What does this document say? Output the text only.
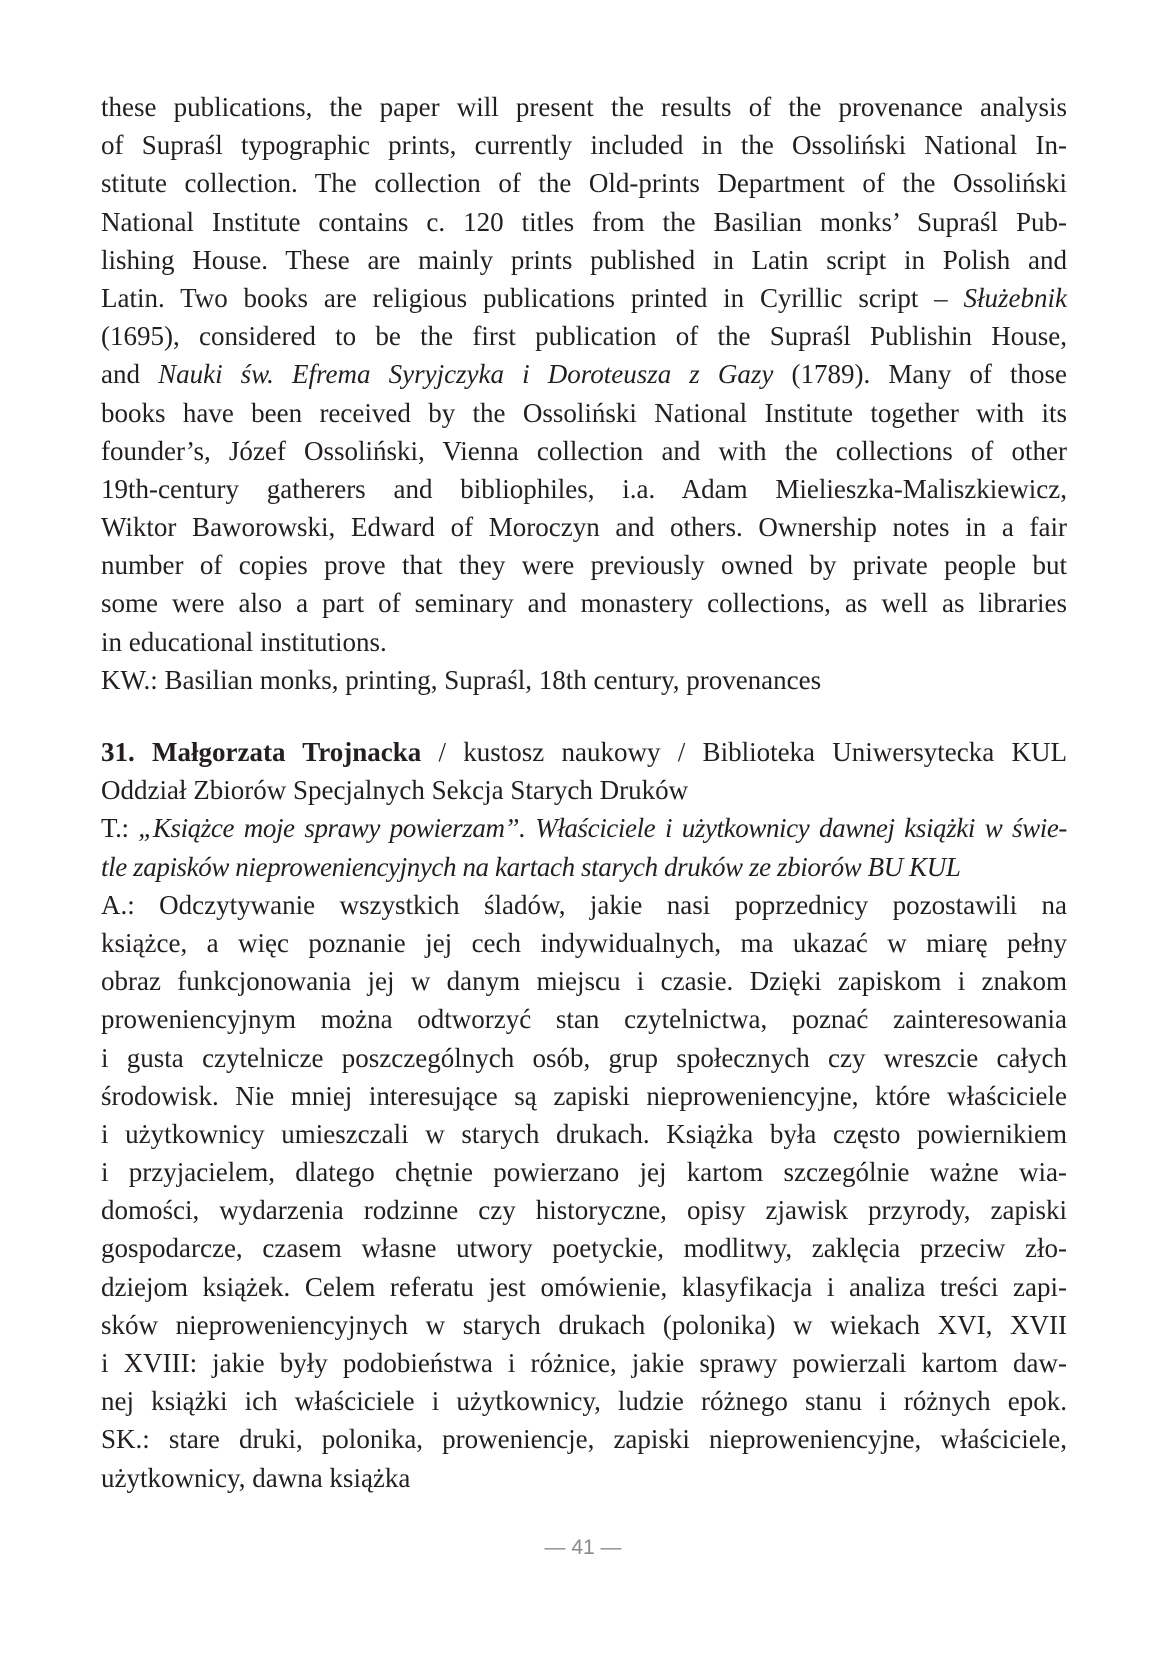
these publications, the paper will present the results of the provenance analysis
of Supraśl typographic prints, currently included in the Ossoliński National In-
stitute collection. The collection of the Old-prints Department of the Ossoliński
National Institute contains c. 120 titles from the Basilian monks’ Supraśl Pub-
lishing House. These are mainly prints published in Latin script in Polish and
Latin. Two books are religious publications printed in Cyrillic script – Służebnik
(1695), considered to be the first publication of the Supraśl Publishin House,
and Nauki św. Efrema Syryjczyka i Doroteusza z Gazy (1789). Many of those
books have been received by the Ossoliński National Institute together with its
founder’s, Józef Ossoliński, Vienna collection and with the collections of other
19th-century gatherers and bibliophiles, i.a. Adam Mielieszka-Maliszkiewicz,
Wiktor Baworowski, Edward of Moroczyn and others. Ownership notes in a fair
number of copies prove that they were previously owned by private people but
some were also a part of seminary and monastery collections, as well as libraries
in educational institutions.
KW.: Basilian monks, printing, Supraśl, 18th century, provenances
31. Małgorzata Trojnacka / kustosz naukowy / Biblioteka Uniwersytecka KUL
Oddział Zbiorów Specjalnych Sekcja Starych Druków
T.: „Książce moje sprawy powierzam”. Właściciele i użytkownicy dawnej książki w świe-
tle zapisków nieproweniencyjnych na kartach starych druków ze zbiorów BU KUL
A.: Odczytywanie wszystkich śladów, jakie nasi poprzednicy pozostawili na
książce, a więc poznanie jej cech indywidualnych, ma ukazać w miarę pełny
obraz funkcjonowania jej w danym miejscu i czasie. Dzięki zapiskom i znakom
proweniencyjnym można odtworzyć stan czytelnictwa, poznać zainteresowania
i gusta czytelnicze poszczególnych osób, grup społecznych czy wreszcie całych
środowisk. Nie mniej interesujące są zapiski nieproweniencyjne, które właściciele
i użytkownicy umieszczali w starych drukach. Książka była często powiernikiem
i przyjacielem, dlatego chętnie powierzano jej kartom szczególnie ważne wia-
domości, wydarzenia rodzinne czy historyczne, opisy zjawisk przyrody, zapiski
gospodarcze, czasem własne utwory poetyckie, modlitwy, zaklęcia przeciw zło-
dziejom książek. Celem referatu jest omówienie, klasyfikacja i analiza treści zapi-
sków nieproweniencyjnych w starych drukach (polonika) w wiekach XVI, XVII
i XVIII: jakie były podobieństwa i różnice, jakie sprawy powierzali kartom daw-
nej książki ich właściciele i użytkownicy, ludzie różnego stanu i różnych epok.
SK.: stare druki, polonika, proweniencje, zapiski nieproweniencyjne, właściciele,
użytkownicy, dawna książka
— 41 —
